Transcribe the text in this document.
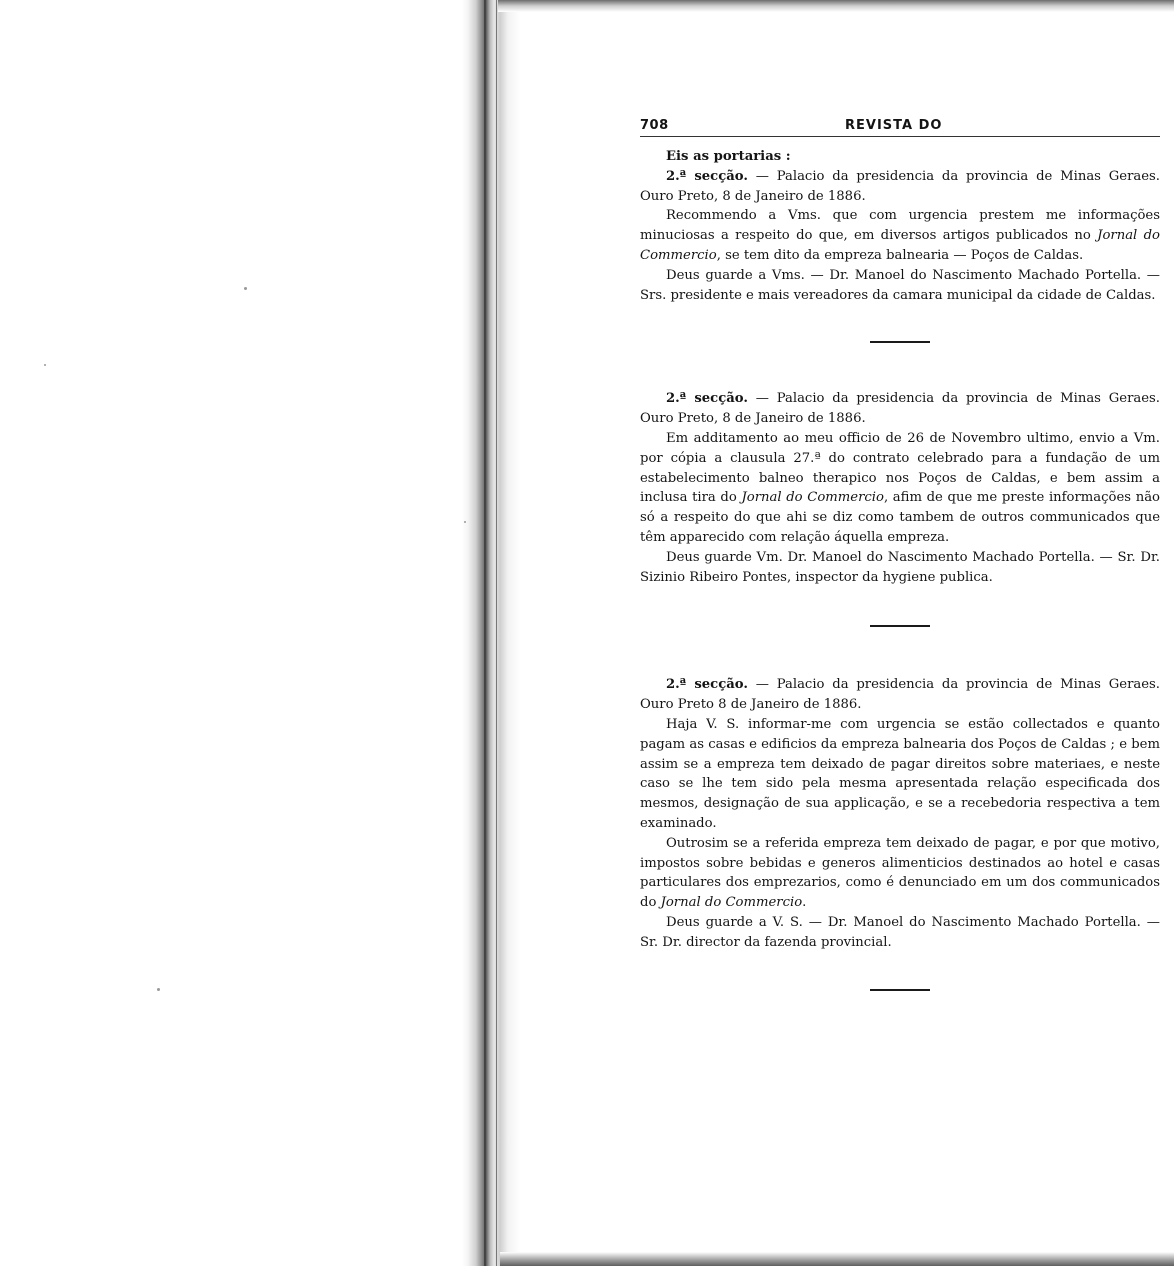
708	REVISTA DO

Eis as portarias :

2.ª secção. — Palacio da presidencia da provincia de Minas Geraes. Ouro Preto, 8 de Janeiro de 1886.

Recommendo a Vms. que com urgencia prestem me informações minuciosas a respeito do que, em diversos artigos publicados no Jornal do Commercio, se tem dito da empreza balnearia — Poços de Caldas.

Deus guarde a Vms. — Dr. Manoel do Nascimento Machado Portella. — Srs. presidente e mais vereadores da camara municipal da cidade de Caldas.

2.ª secção. — Palacio da presidencia da provincia de Minas Geraes. Ouro Preto, 8 de Janeiro de 1886.

Em additamento ao meu officio de 26 de Novembro ultimo, envio a Vm. por cópia a clausula 27.ª do contrato celebrado para a fundação de um estabelecimento balneo therapico nos Poços de Caldas, e bem assim a inclusa tira do Jornal do Commercio, afim de que me preste informações não só a respeito do que ahi se diz como tambem de outros communicados que têm apparecido com relação áquella empreza.

Deus guarde Vm. Dr. Manoel do Nascimento Machado Portella. — Sr. Dr. Sizinio Ribeiro Pontes, inspector da hygiene publica.

2.ª secção. — Palacio da presidencia da provincia de Minas Geraes. Ouro Preto 8 de Janeiro de 1886.

Haja V. S. informar-me com urgencia se estão collectados e quanto pagam as casas e edificios da empreza balnearia dos Poços de Caldas ; e bem assim se a empreza tem deixado de pagar direitos sobre materiaes, e neste caso se lhe tem sido pela mesma apresentada relação especificada dos mesmos, designação de sua applicação, e se a recebedoria respectiva a tem examinado.

Outrosim se a referida empreza tem deixado de pagar, e por que motivo, impostos sobre bebidas e generos alimenticios destinados ao hotel e casas particulares dos emprezarios, como é denunciado em um dos communicados do Jornal do Commercio.

Deus guarde a V. S. — Dr. Manoel do Nascimento Machado Portella. — Sr. Dr. director da fazenda provincial.
